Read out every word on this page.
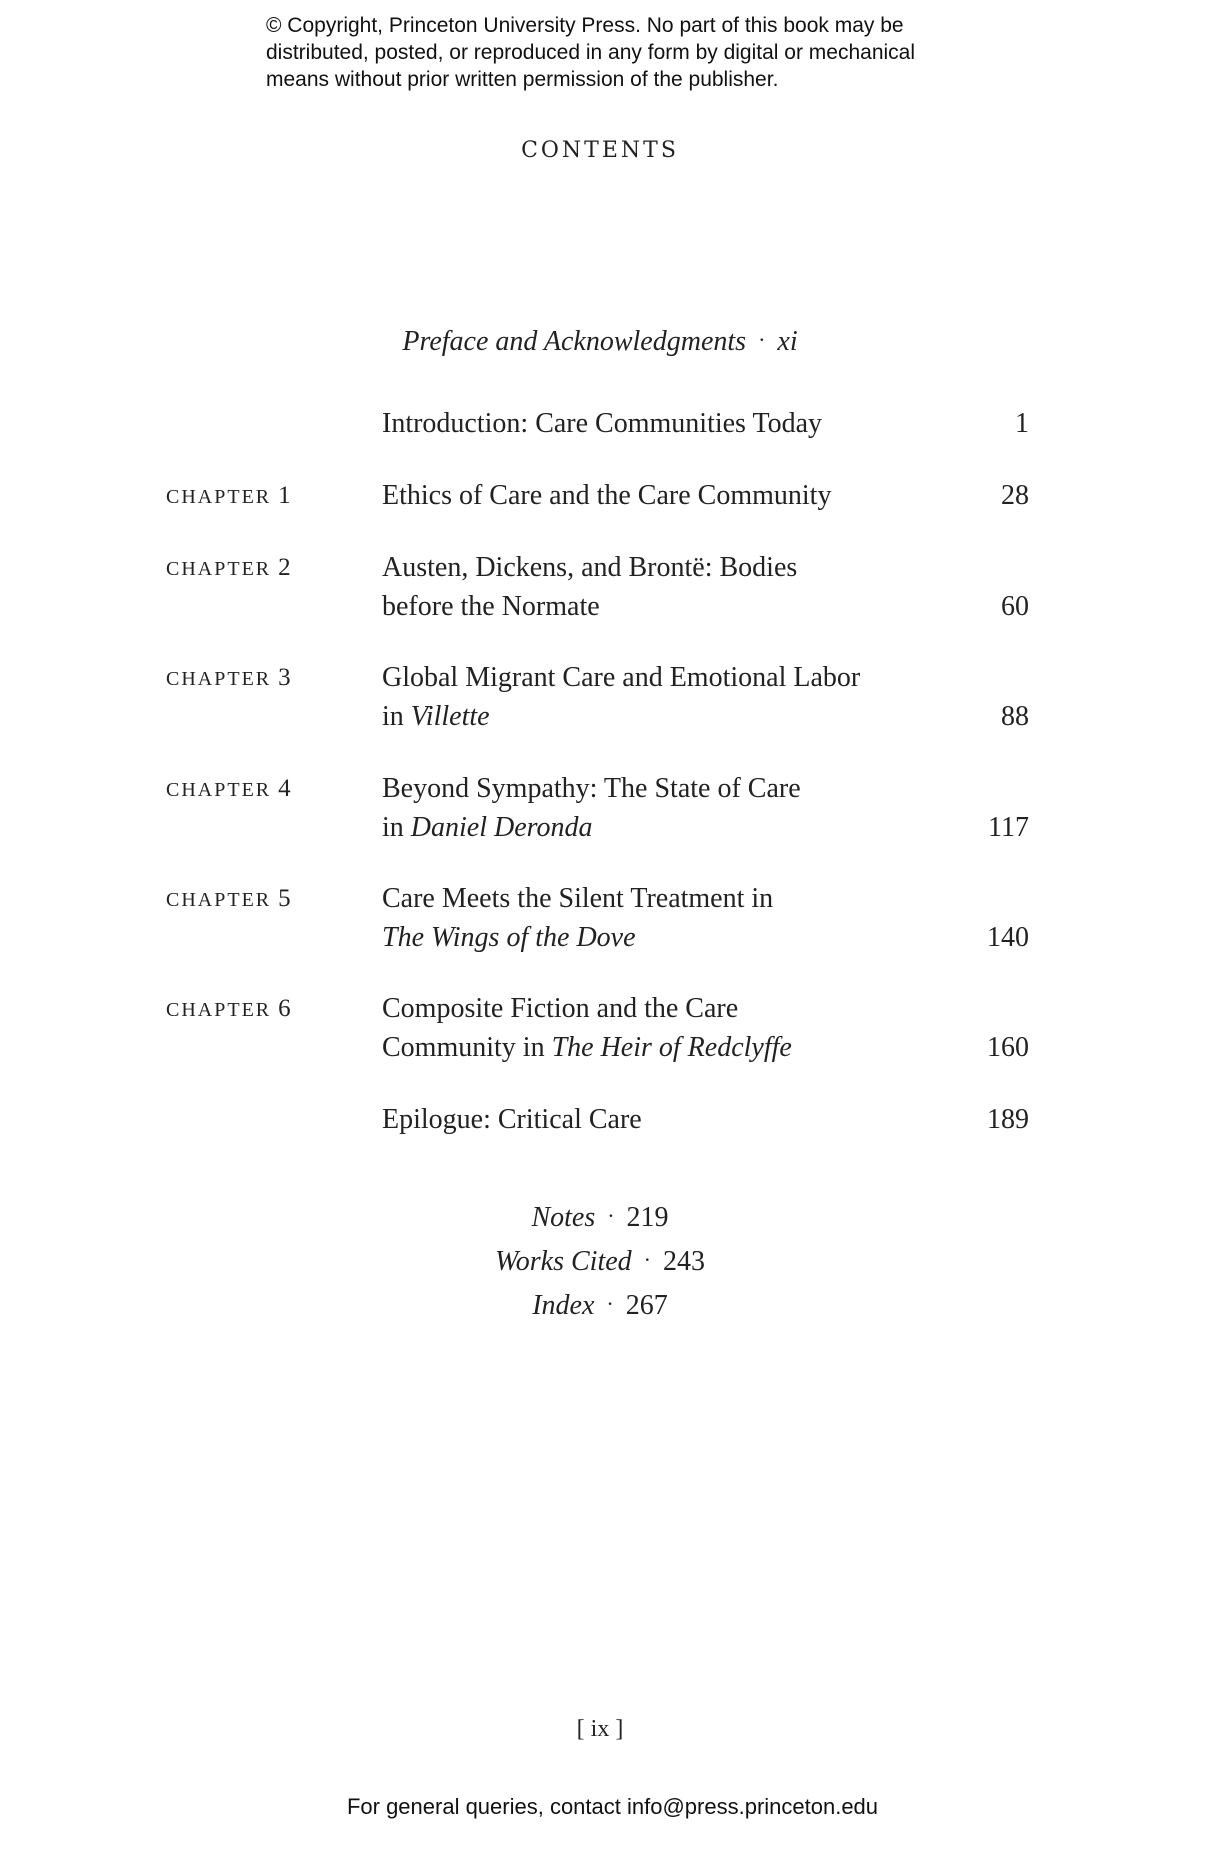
© Copyright, Princeton University Press. No part of this book may be
distributed, posted, or reproduced in any form by digital or mechanical
means without prior written permission of the publisher.
CONTENTS
Preface and Acknowledgments · xi
Introduction: Care Communities Today	1
CHAPTER 1	Ethics of Care and the Care Community	28
CHAPTER 2	Austen, Dickens, and Brontë: Bodies
before the Normate	60
CHAPTER 3	Global Migrant Care and Emotional Labor
in Villette	88
CHAPTER 4	Beyond Sympathy: The State of Care
in Daniel Deronda	117
CHAPTER 5	Care Meets the Silent Treatment in
The Wings of the Dove	140
CHAPTER 6	Composite Fiction and the Care
Community in The Heir of Redclyffe	160
Epilogue: Critical Care	189
Notes · 219
Works Cited · 243
Index · 267
[ ix ]
For general queries, contact info@press.princeton.edu
